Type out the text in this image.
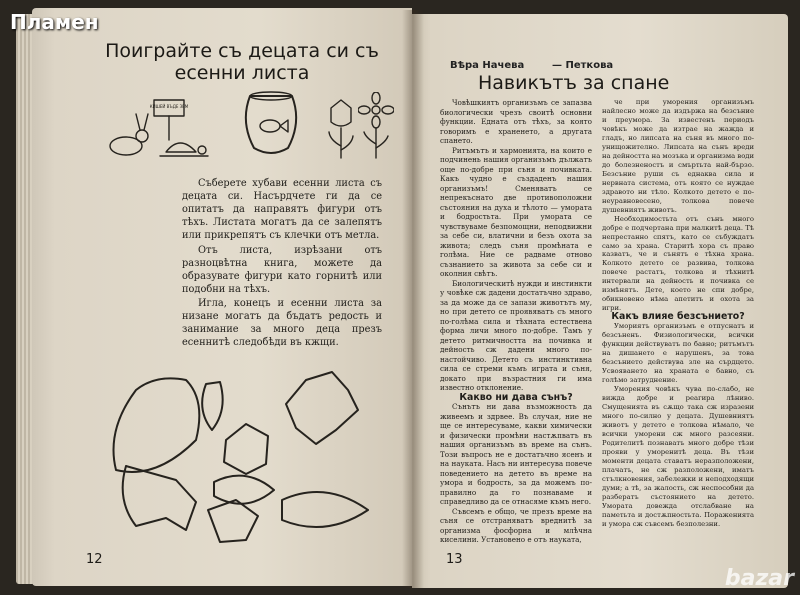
Пламен
bazar
Поиграйте съ децата си съ есенни листа
КИШЕЙ ВЪДЕ ЗЕМ

Съберете хубави есенни листа съ децата си. Насърдчете ги да се опитатъ да направятъ фигури отъ тѣхъ. Листата могатъ да се залепятъ или прикрепятъ съ клечки отъ метла.

Отъ листа, изрѣзани отъ разноцвѣтна книга, можете да образувате фигури като горнитѣ или подобни на тѣхъ.

Игла, конецъ и есенни листа за низане могатъ да бъдатъ редость и занимание за много деца презъ есеннитѣ следобѣди въ кжщи.

12
Вѣра Начева	— Петкова
Навикътъ за спане

Човѣшкиятъ организъмъ се запазва биологически чрезъ своитѣ основни функции. Едната отъ тѣхъ, за която говоримъ е храненето, а другата спането.

Ритъмътъ и хармонията, на които е подчинень нашия организъмъ дължатъ още по-добре при съня и почивката. Какъ чудно е създаденъ нашия организъмъ! Сменяватъ се непрекъснато две противоположни състояния на духа и тѣлото — умората и бодростьта. При умората се чувствуваме безпомощни, неподвижни за себе си, влатични и безъ охота за живота; следъ съня промѣната е голѣма. Ние се радваме отново съзнанието за живота за себе си и околния свѣтъ.

Биологическитѣ нужди и инстинкти у човѣке сж дадени достатъчно здраво, за да може да се запази животътъ му, но при детето се проявяватъ съ много по-голѣма сила и тѣхната естествена форма личи много по-добре. Тамъ у детето ритмичността на почивка и дейность сж дадени много по-настойчиво. Детето съ инстинктивна сила се стреми къмъ играта и съня, докато при възрастния ги има известно отклонение.

Какво ни дава сънъ?

Сънътъ ни дава възможность да живеемъ и здрвее. Въ случая, ние не ще се интересуваме, какви химически и физически промѣни настѫпватъ въ нашия организъмъ въ време на сънъ. Този въпросъ не е достатъчно ясенъ и на науката. Насъ ни интересува повече поведението на детето въ време на умора и бодрость, за да можемъ по-правилно да го познаваме и справедливо да се отнасяме къмъ него.

Съвсемъ е общо, че презъ време на съня се отстраняватъ вреднитѣ за организма фосфорна и млѣчна киселини. Установено е отъ науката,

че при уморения организъмъ найлесно може да издържа на безсъние и преумора. За известенъ периодъ човѣкъ може да изтрае на жажда и гладъ, но липсата на съня въ много по-унищожително. Липсата на сънъ вреди на дейността на мозъка и организма води до болезненостъ и смъртьта най-бързо. Безсъние руши съ еднаква сила и нервната система, отъ която се нуждае здравото ни тѣло. Колкото детето е по-неуравновесено, толкова повече душевниятъ животъ.

Необходимостьта отъ сънъ много добре е подчертана при малкитѣ деца. Тѣ непрестанно спятъ, като се събуждатъ само за храна. Старитѣ хора съ право казватъ, че и сънятъ е тѣхна храна. Колкото детето се развива, толкова повече растатъ, толкова и тѣхнитѣ интервали на дейность и почивка се измѣнятъ. Дете, което не спи добре, обикновено нѣма апетитъ и охота за игри.

Какъ влияе безсънието?

Умориятъ организъмъ е отпуснатъ и безсъненъ. Физиологически, всички функции действуватъ по бавно; ритъмътъ на дишането е нарушенъ, за това безсънието действува зле на сърдцето. Усвояването на храната е бавно, съ голѣмо затруднение.

Уморения човѣкъ чува по-слабо, не вижда добре и реагира лѣниво. Смущенията въ сѫщо така сж изразени много по-силно у децата. Душевниятъ животъ у детето е толкова нѣмало, че всички уморени сж много разсеяни. Родителитѣ познаватъ много добре тѣзи прояви у уморенитѣ деца. Въ тѣзи моменти децата ставатъ неразположени, плачатъ, не сж разположени, иматъ стълкновения, забележки и неподходящи думи; а тѣ, за жалость, сж неспособни да разбератъ състоянието на детето. Умората довежда отслабване на паметьта и достѫпностьта. Пораженията и умора сж съвсемъ безполезни.

13
